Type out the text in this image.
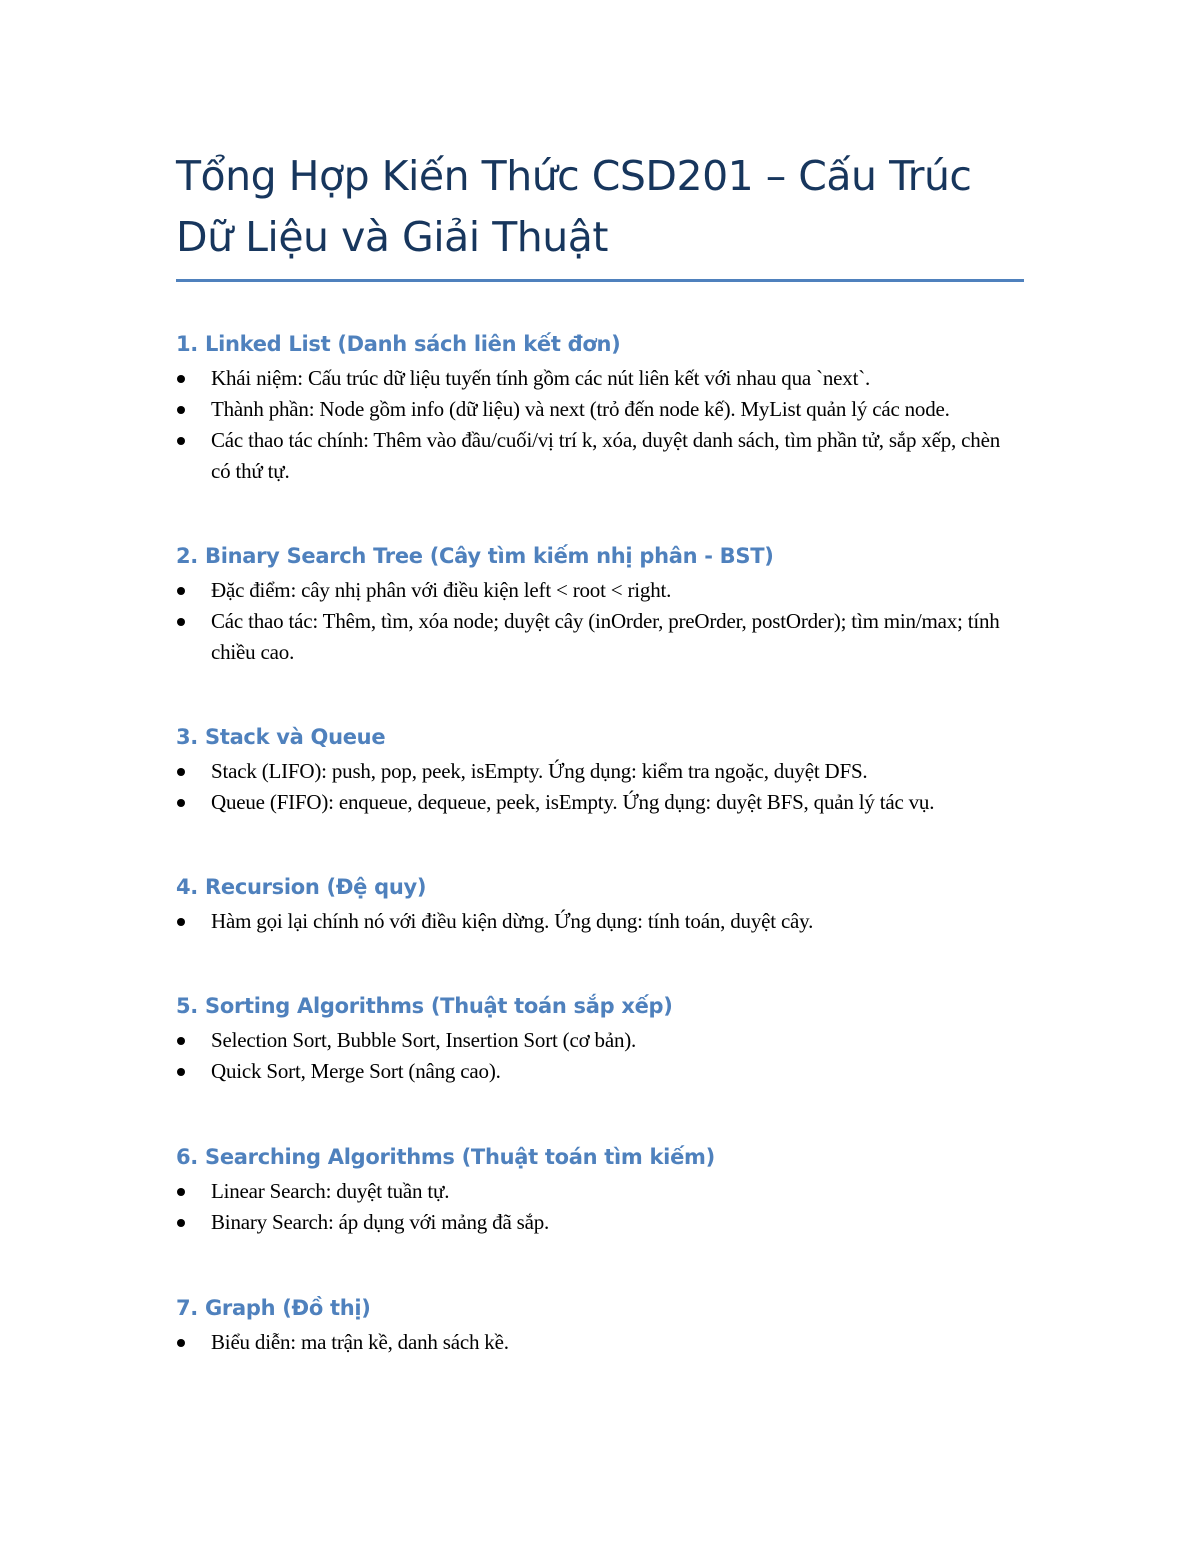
Tổng Hợp Kiến Thức CSD201 – Cấu Trúc Dữ Liệu và Giải Thuật
1. Linked List (Danh sách liên kết đơn)
Khái niệm: Cấu trúc dữ liệu tuyến tính gồm các nút liên kết với nhau qua `next`.
Thành phần: Node gồm info (dữ liệu) và next (trỏ đến node kế). MyList quản lý các node.
Các thao tác chính: Thêm vào đầu/cuối/vị trí k, xóa, duyệt danh sách, tìm phần tử, sắp xếp, chèn có thứ tự.
2. Binary Search Tree (Cây tìm kiếm nhị phân - BST)
Đặc điểm: cây nhị phân với điều kiện left < root < right.
Các thao tác: Thêm, tìm, xóa node; duyệt cây (inOrder, preOrder, postOrder); tìm min/max; tính chiều cao.
3. Stack và Queue
Stack (LIFO): push, pop, peek, isEmpty. Ứng dụng: kiểm tra ngoặc, duyệt DFS.
Queue (FIFO): enqueue, dequeue, peek, isEmpty. Ứng dụng: duyệt BFS, quản lý tác vụ.
4. Recursion (Đệ quy)
Hàm gọi lại chính nó với điều kiện dừng. Ứng dụng: tính toán, duyệt cây.
5. Sorting Algorithms (Thuật toán sắp xếp)
Selection Sort, Bubble Sort, Insertion Sort (cơ bản).
Quick Sort, Merge Sort (nâng cao).
6. Searching Algorithms (Thuật toán tìm kiếm)
Linear Search: duyệt tuần tự.
Binary Search: áp dụng với mảng đã sắp.
7. Graph (Đồ thị)
Biểu diễn: ma trận kề, danh sách kề.
